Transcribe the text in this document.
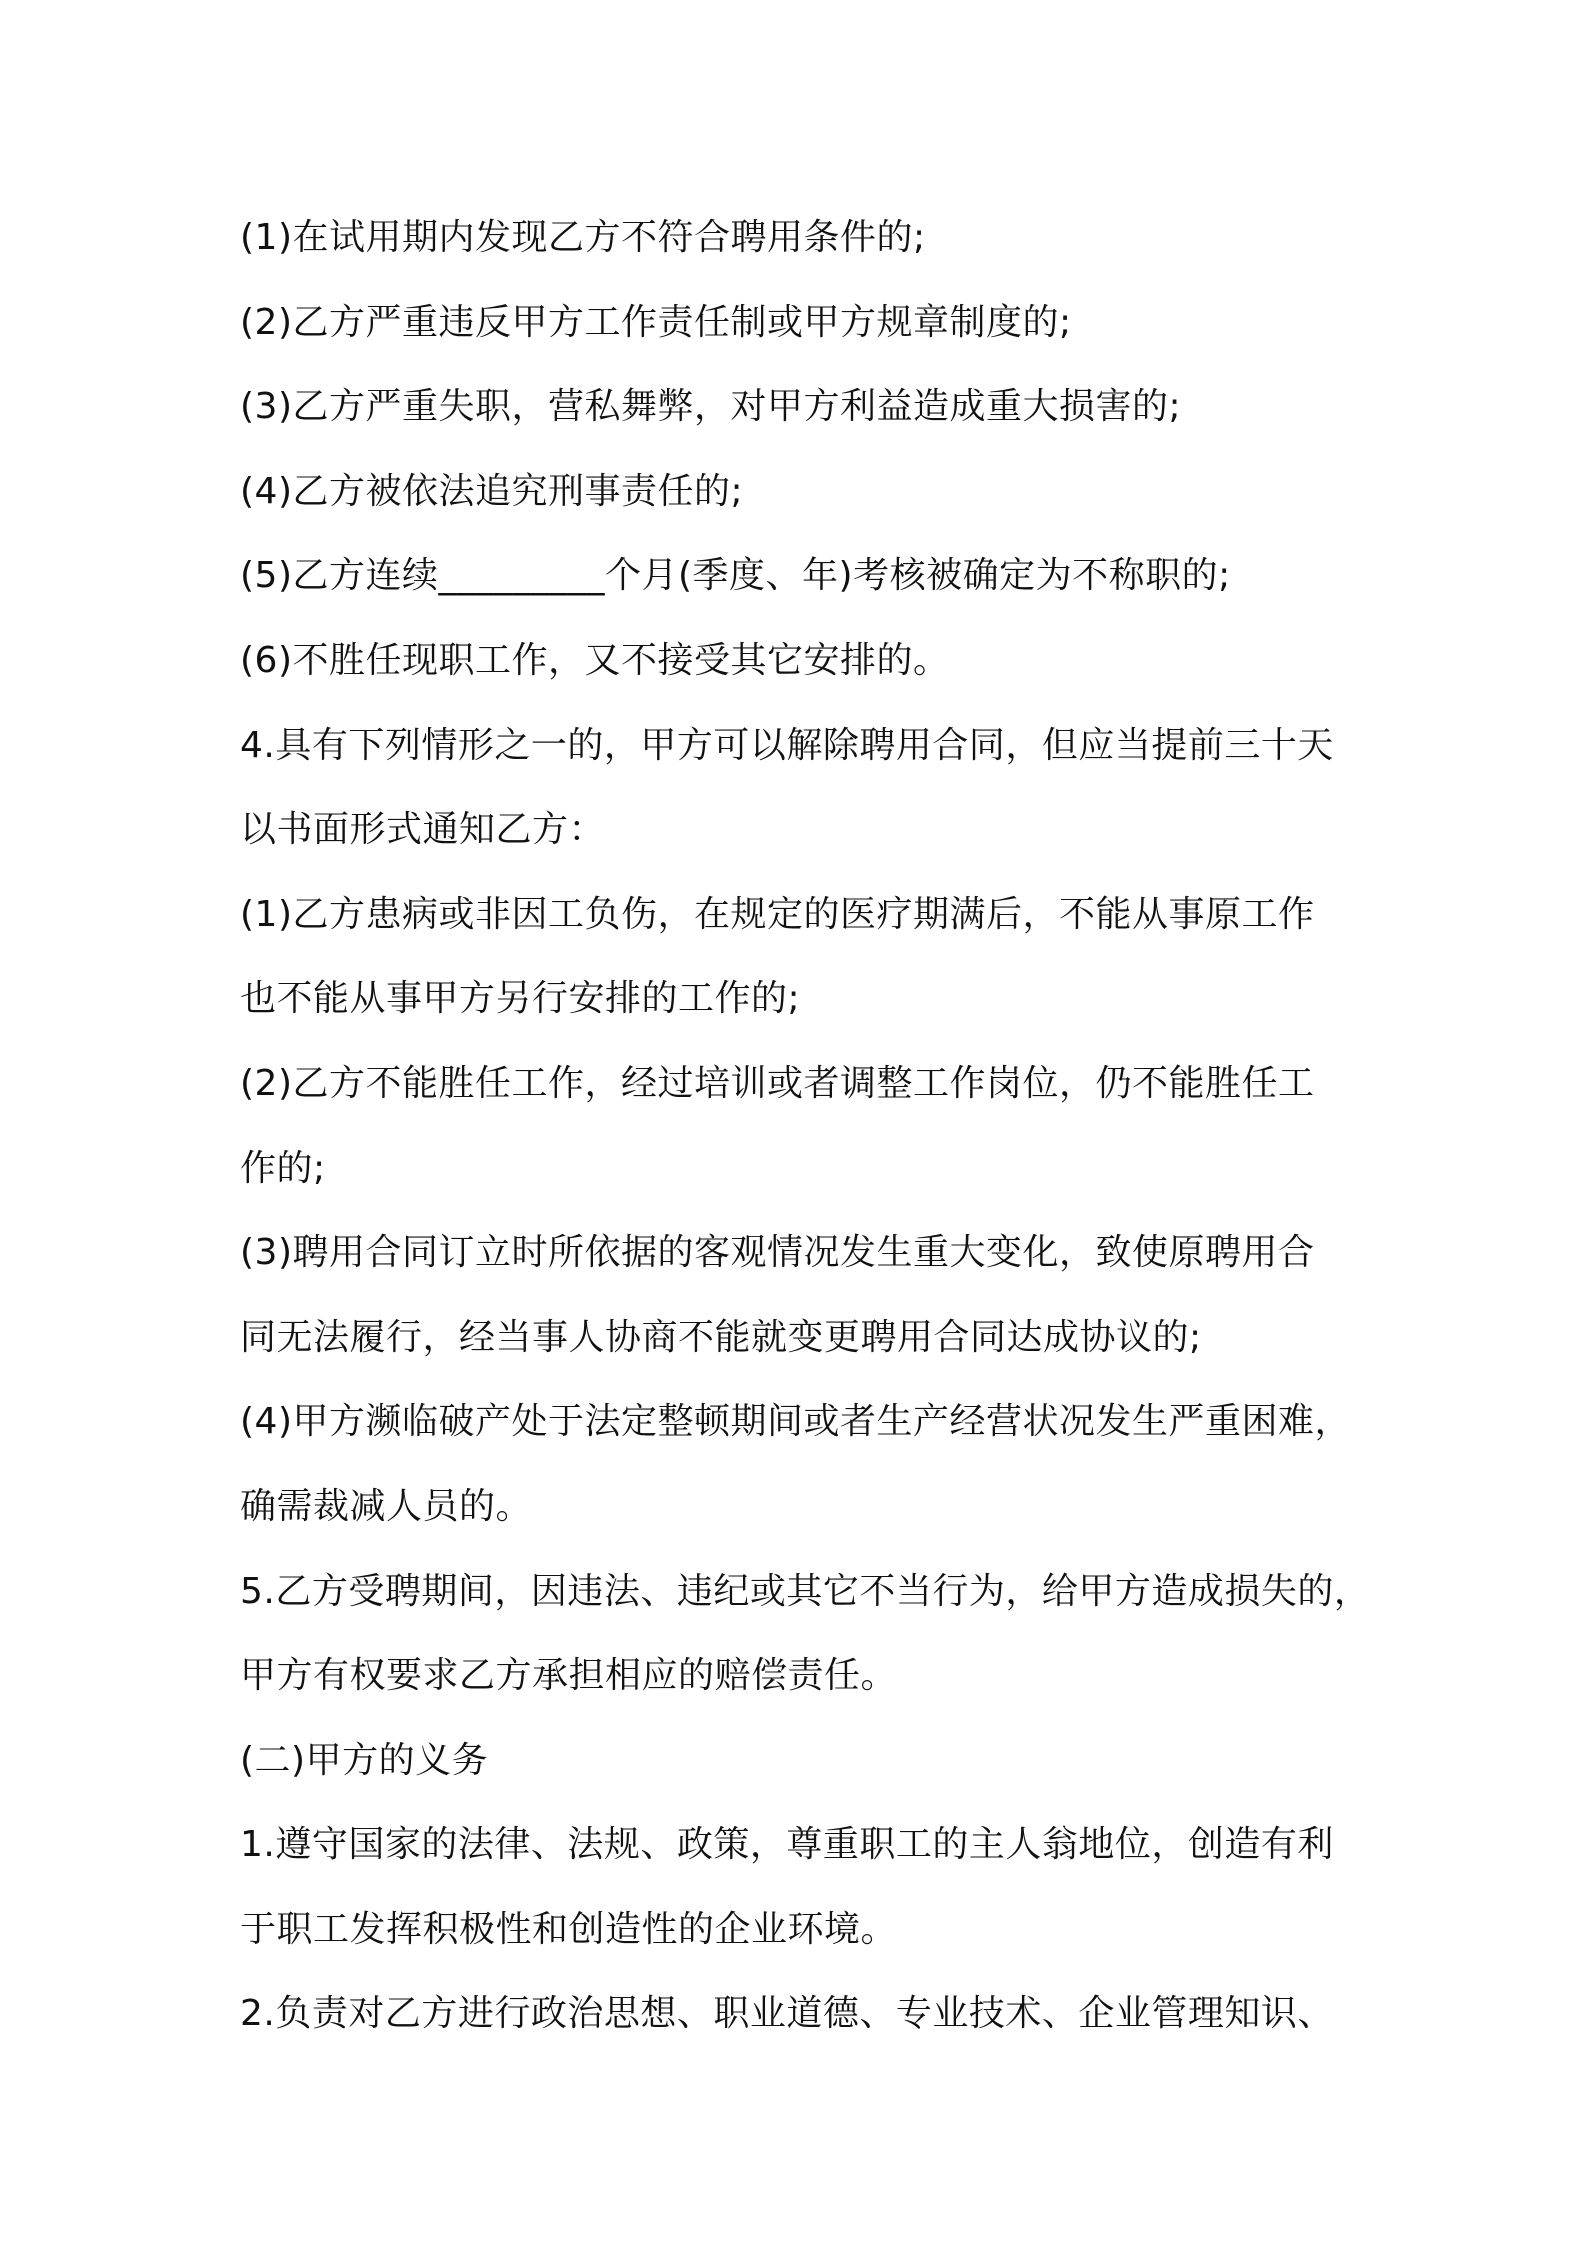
(1)在试用期内发现乙方不符合聘用条件的;
(2)乙方严重违反甲方工作责任制或甲方规章制度的;
(3)乙方严重失职，营私舞弊，对甲方利益造成重大损害的;
(4)乙方被依法追究刑事责任的;
(5)乙方连续_________个月(季度、年)考核被确定为不称职的;
(6)不胜任现职工作，又不接受其它安排的。
4.具有下列情形之一的，甲方可以解除聘用合同，但应当提前三十天
以书面形式通知乙方：
(1)乙方患病或非因工负伤，在规定的医疗期满后，不能从事原工作
也不能从事甲方另行安排的工作的;
(2)乙方不能胜任工作，经过培训或者调整工作岗位，仍不能胜任工
作的;
(3)聘用合同订立时所依据的客观情况发生重大变化，致使原聘用合
同无法履行，经当事人协商不能就变更聘用合同达成协议的;
(4)甲方濒临破产处于法定整顿期间或者生产经营状况发生严重困难，
确需裁减人员的。
5.乙方受聘期间，因违法、违纪或其它不当行为，给甲方造成损失的，
甲方有权要求乙方承担相应的赔偿责任。
(二)甲方的义务
1.遵守国家的法律、法规、政策，尊重职工的主人翁地位，创造有利
于职工发挥积极性和创造性的企业环境。
2.负责对乙方进行政治思想、职业道德、专业技术、企业管理知识、
